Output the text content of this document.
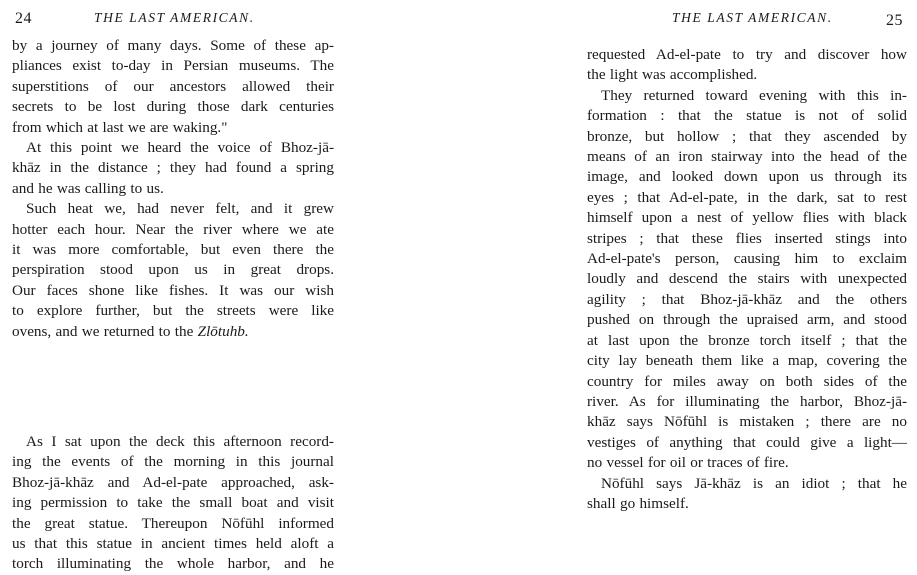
24	THE LAST AMERICAN.

by a journey of many days. Some of these ap-
pliances exist to-day in Persian museums. The
superstitions of our ancestors allowed their
secrets to be lost during those dark centuries
from which at last we are waking."

At this point we heard the voice of Bhoz-jā-
khāz in the distance ; they had found a spring
and he was calling to us.

Such heat we, had never felt, and it grew
hotter each hour. Near the river where we ate
it was more comfortable, but even there the
perspiration stood upon us in great drops.
Our faces shone like fishes. It was our wish
to explore further, but the streets were like
ovens, and we returned to the Zlōtuhb.

As I sat upon the deck this afternoon record-
ing the events of the morning in this journal
Bhoz-jā-khāz and Ad-el-pate approached, ask-
ing permission to take the small boat and visit
the great statue. Thereupon Nōfūhl informed
us that this statue in ancient times held aloft a
torch illuminating the whole harbor, and he

THE LAST AMERICAN.	25

requested Ad-el-pate to try and discover how
the light was accomplished.

They returned toward evening with this in-
formation : that the statue is not of solid
bronze, but hollow ; that they ascended by
means of an iron stairway into the head of the
image, and looked down upon us through its
eyes ; that Ad-el-pate, in the dark, sat to rest
himself upon a nest of yellow flies with black
stripes ; that these flies inserted stings into
Ad-el-pate's person, causing him to exclaim
loudly and descend the stairs with unexpected
agility ; that Bhoz-jā-khāz and the others
pushed on through the upraised arm, and stood
at last upon the bronze torch itself ; that the
city lay beneath them like a map, covering the
country for miles away on both sides of the
river. As for illuminating the harbor, Bhoz-jā-
khāz says Nōfūhl is mistaken ; there are no
vestiges of anything that could give a light—
no vessel for oil or traces of fire.

Nōfūhl says Jā-khāz is an idiot ; that he
shall go himself.
